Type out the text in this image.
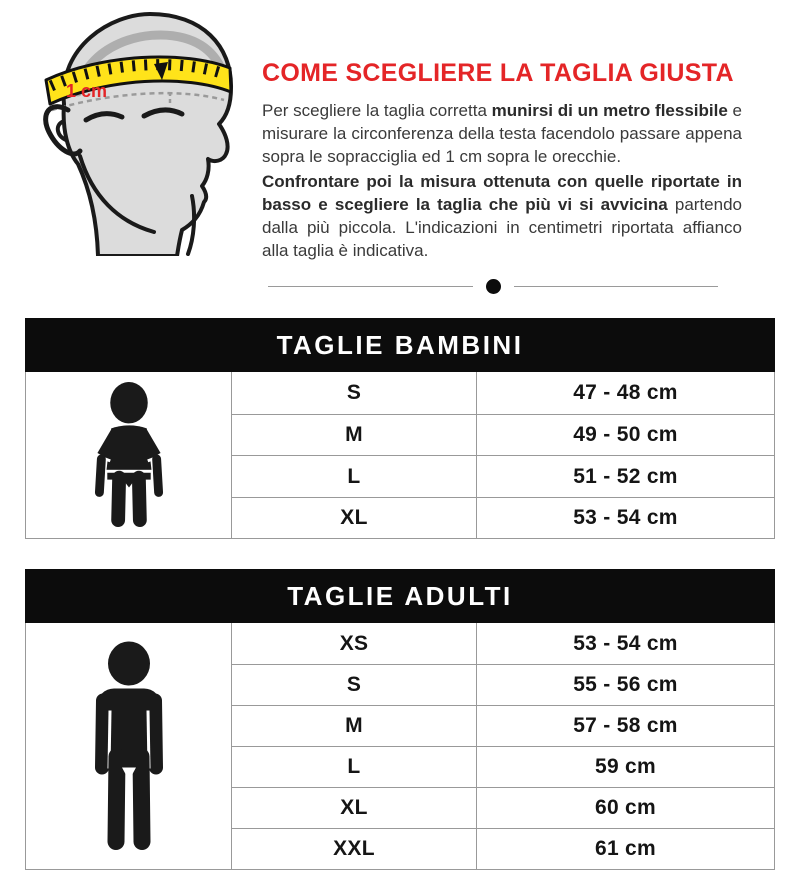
1 cm
COME SCEGLIERE LA TAGLIA GIUSTA

Per scegliere la taglia corretta munirsi di un metro flessibile e misurare la circonferenza della testa facendolo passare appena sopra le sopracciglia ed 1 cm sopra le orecchie.

Confrontare poi la misura ottenuta con quelle riportate in basso e scegliere la taglia che più vi si avvicina partendo dalla più piccola. L'indicazioni in centimetri riportata affianco alla taglia è indicativa.

TAGLIE BAMBINI
S	47 - 48 cm
M	49 - 50 cm
L	51 - 52 cm
XL	53 - 54 cm
TAGLIE ADULTI
XS	53 - 54 cm
S	55 - 56 cm
M	57 - 58 cm
L	59 cm
XL	60 cm
XXL	61 cm
